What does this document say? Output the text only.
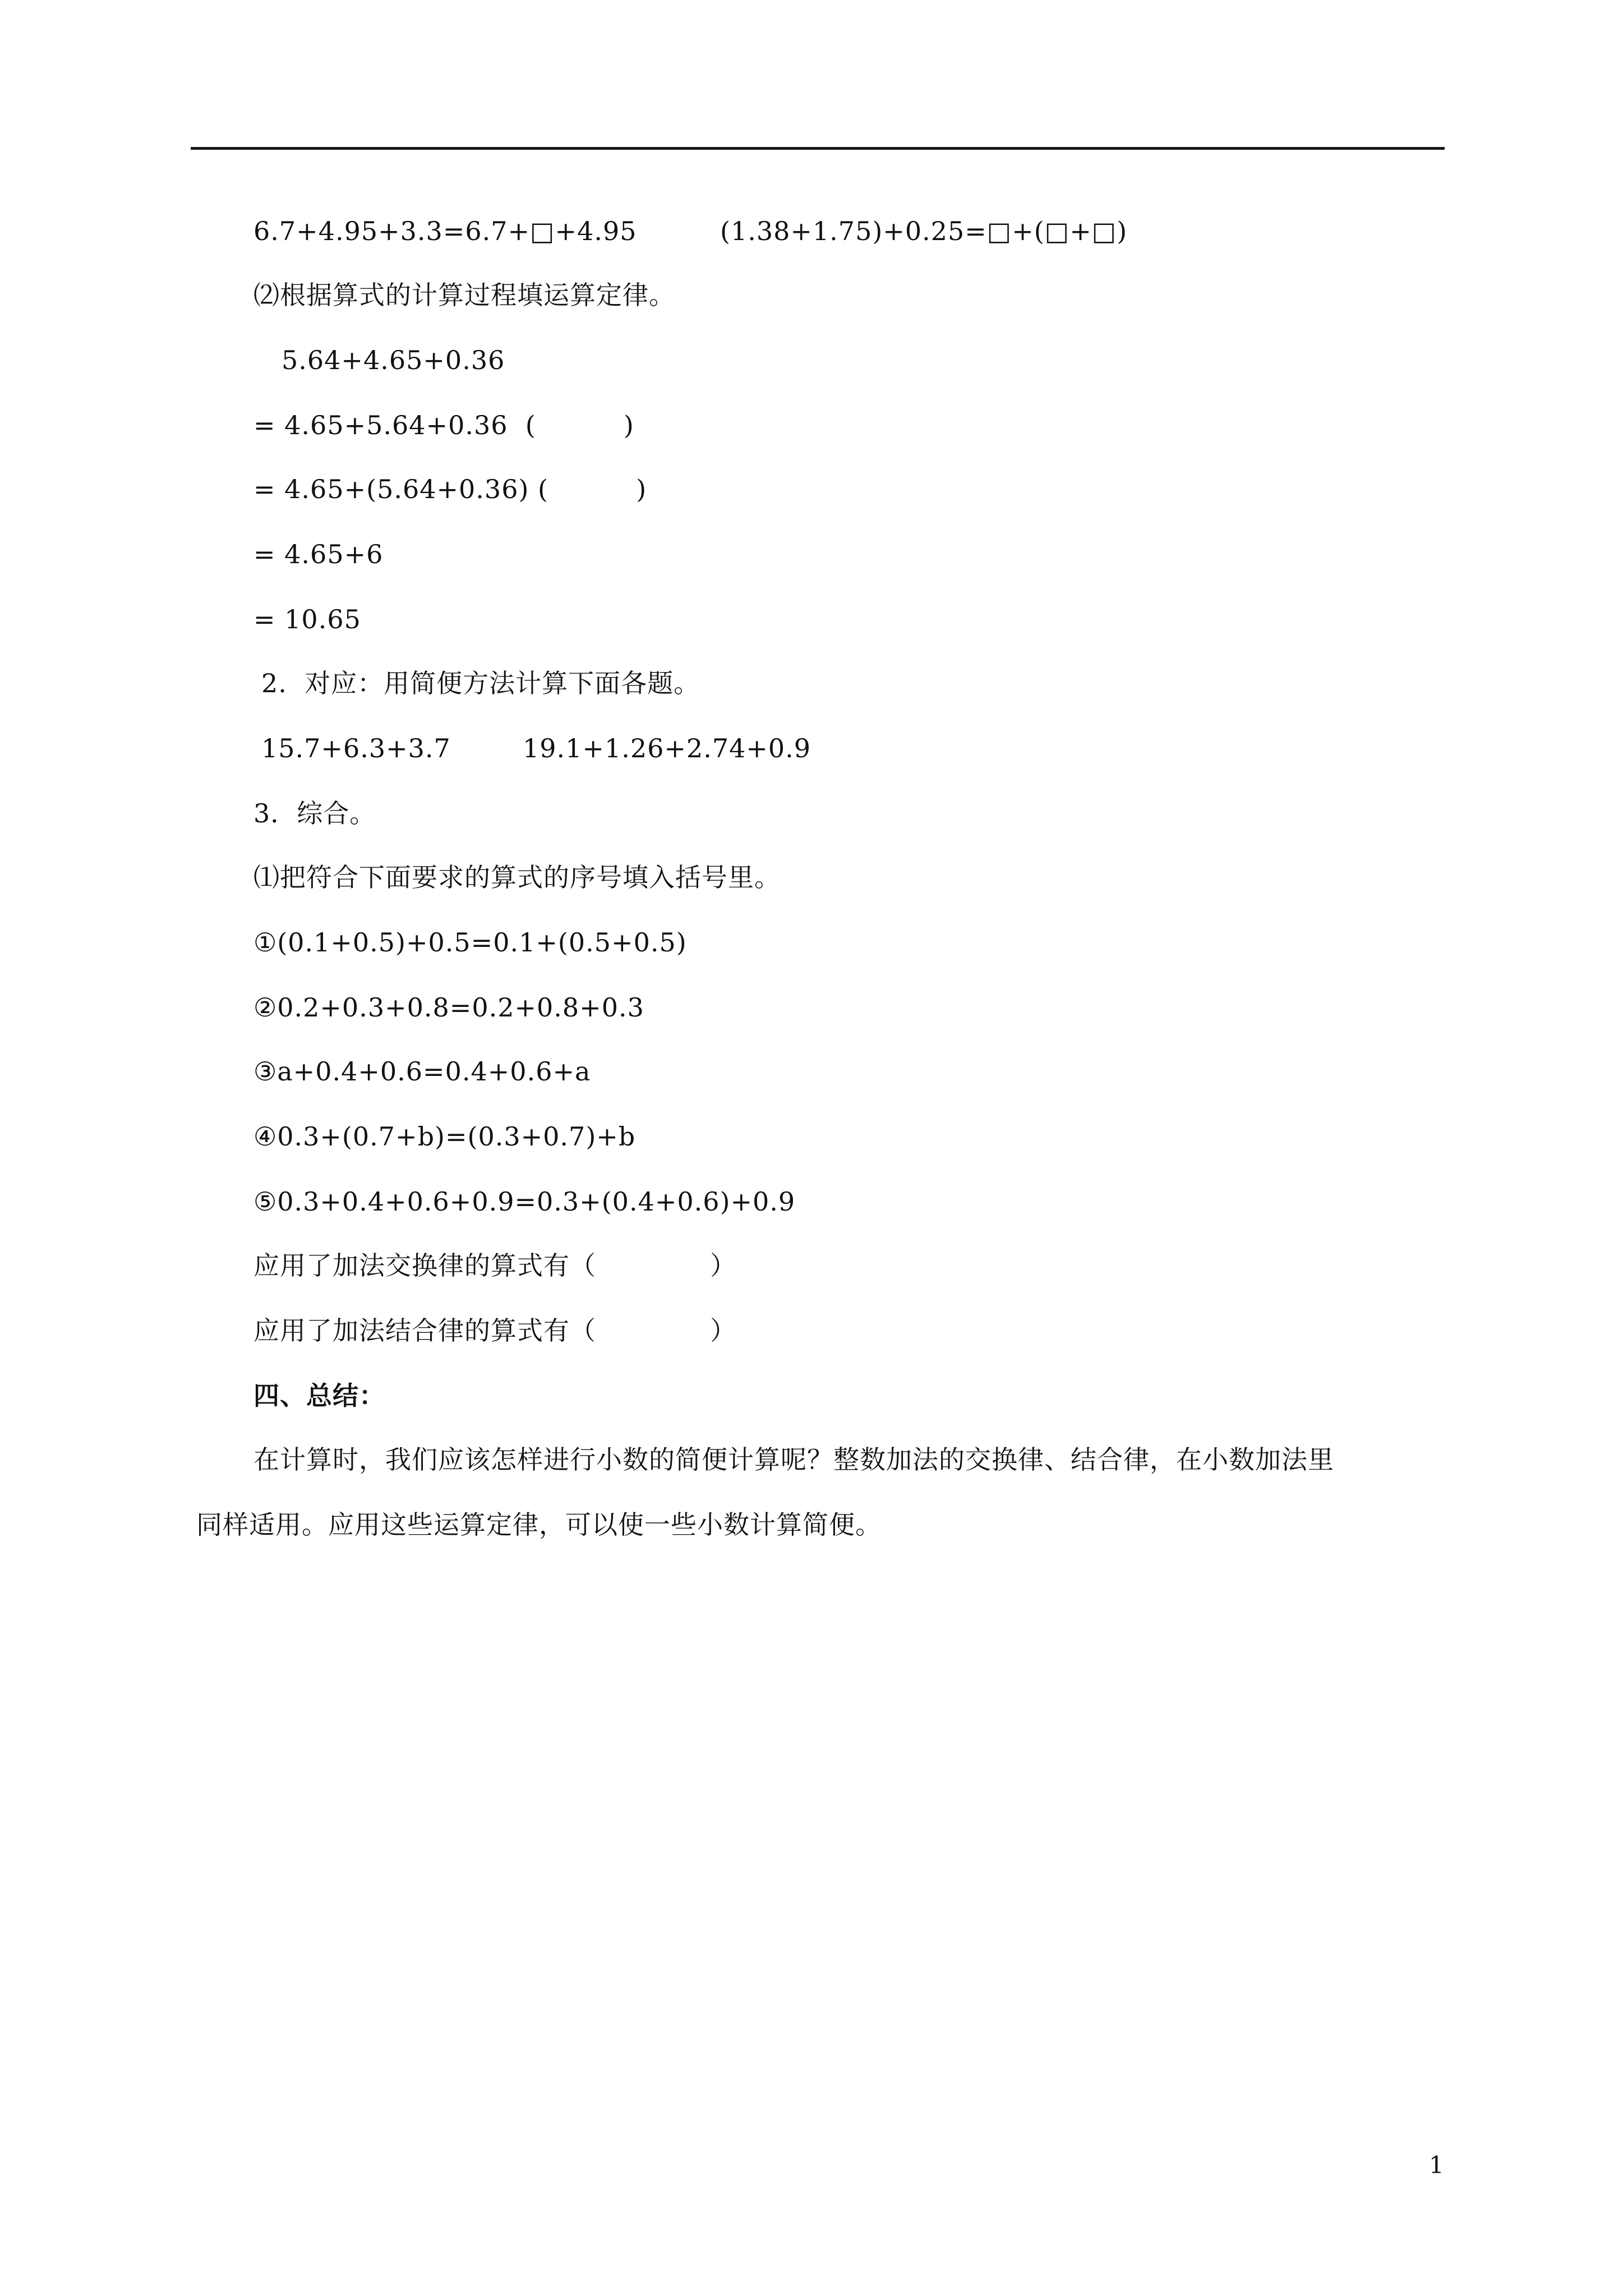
6.7+4.95+3.3=6.7+□+4.95	(1.38+1.75)+0.25=□+(□+□)
⑵根据算式的计算过程填运算定律。
5.64+4.65+0.36
= 4.65+5.64+0.36  (          )
= 4.65+(5.64+0.36) (          )
= 4.65+6
= 10.65
2.  对应：用简便方法计算下面各题。
15.7+6.3+3.7	19.1+1.26+2.74+0.9
3．综合。
⑴把符合下面要求的算式的序号填入括号里。
①(0.1+0.5)+0.5=0.1+(0.5+0.5)
②0.2+0.3+0.8=0.2+0.8+0.3
③a+0.4+0.6=0.4+0.6+a
④0.3+(0.7+b)=(0.3+0.7)+b
⑤0.3+0.4+0.6+0.9=0.3+(0.4+0.6)+0.9
应用了加法交换律的算式有（             ）
应用了加法结合律的算式有（             ）
四、总结：
在计算时，我们应该怎样进行小数的简便计算呢？整数加法的交换律、结合律，在小数加法里
同样适用。应用这些运算定律，可以使一些小数计算简便。
1
